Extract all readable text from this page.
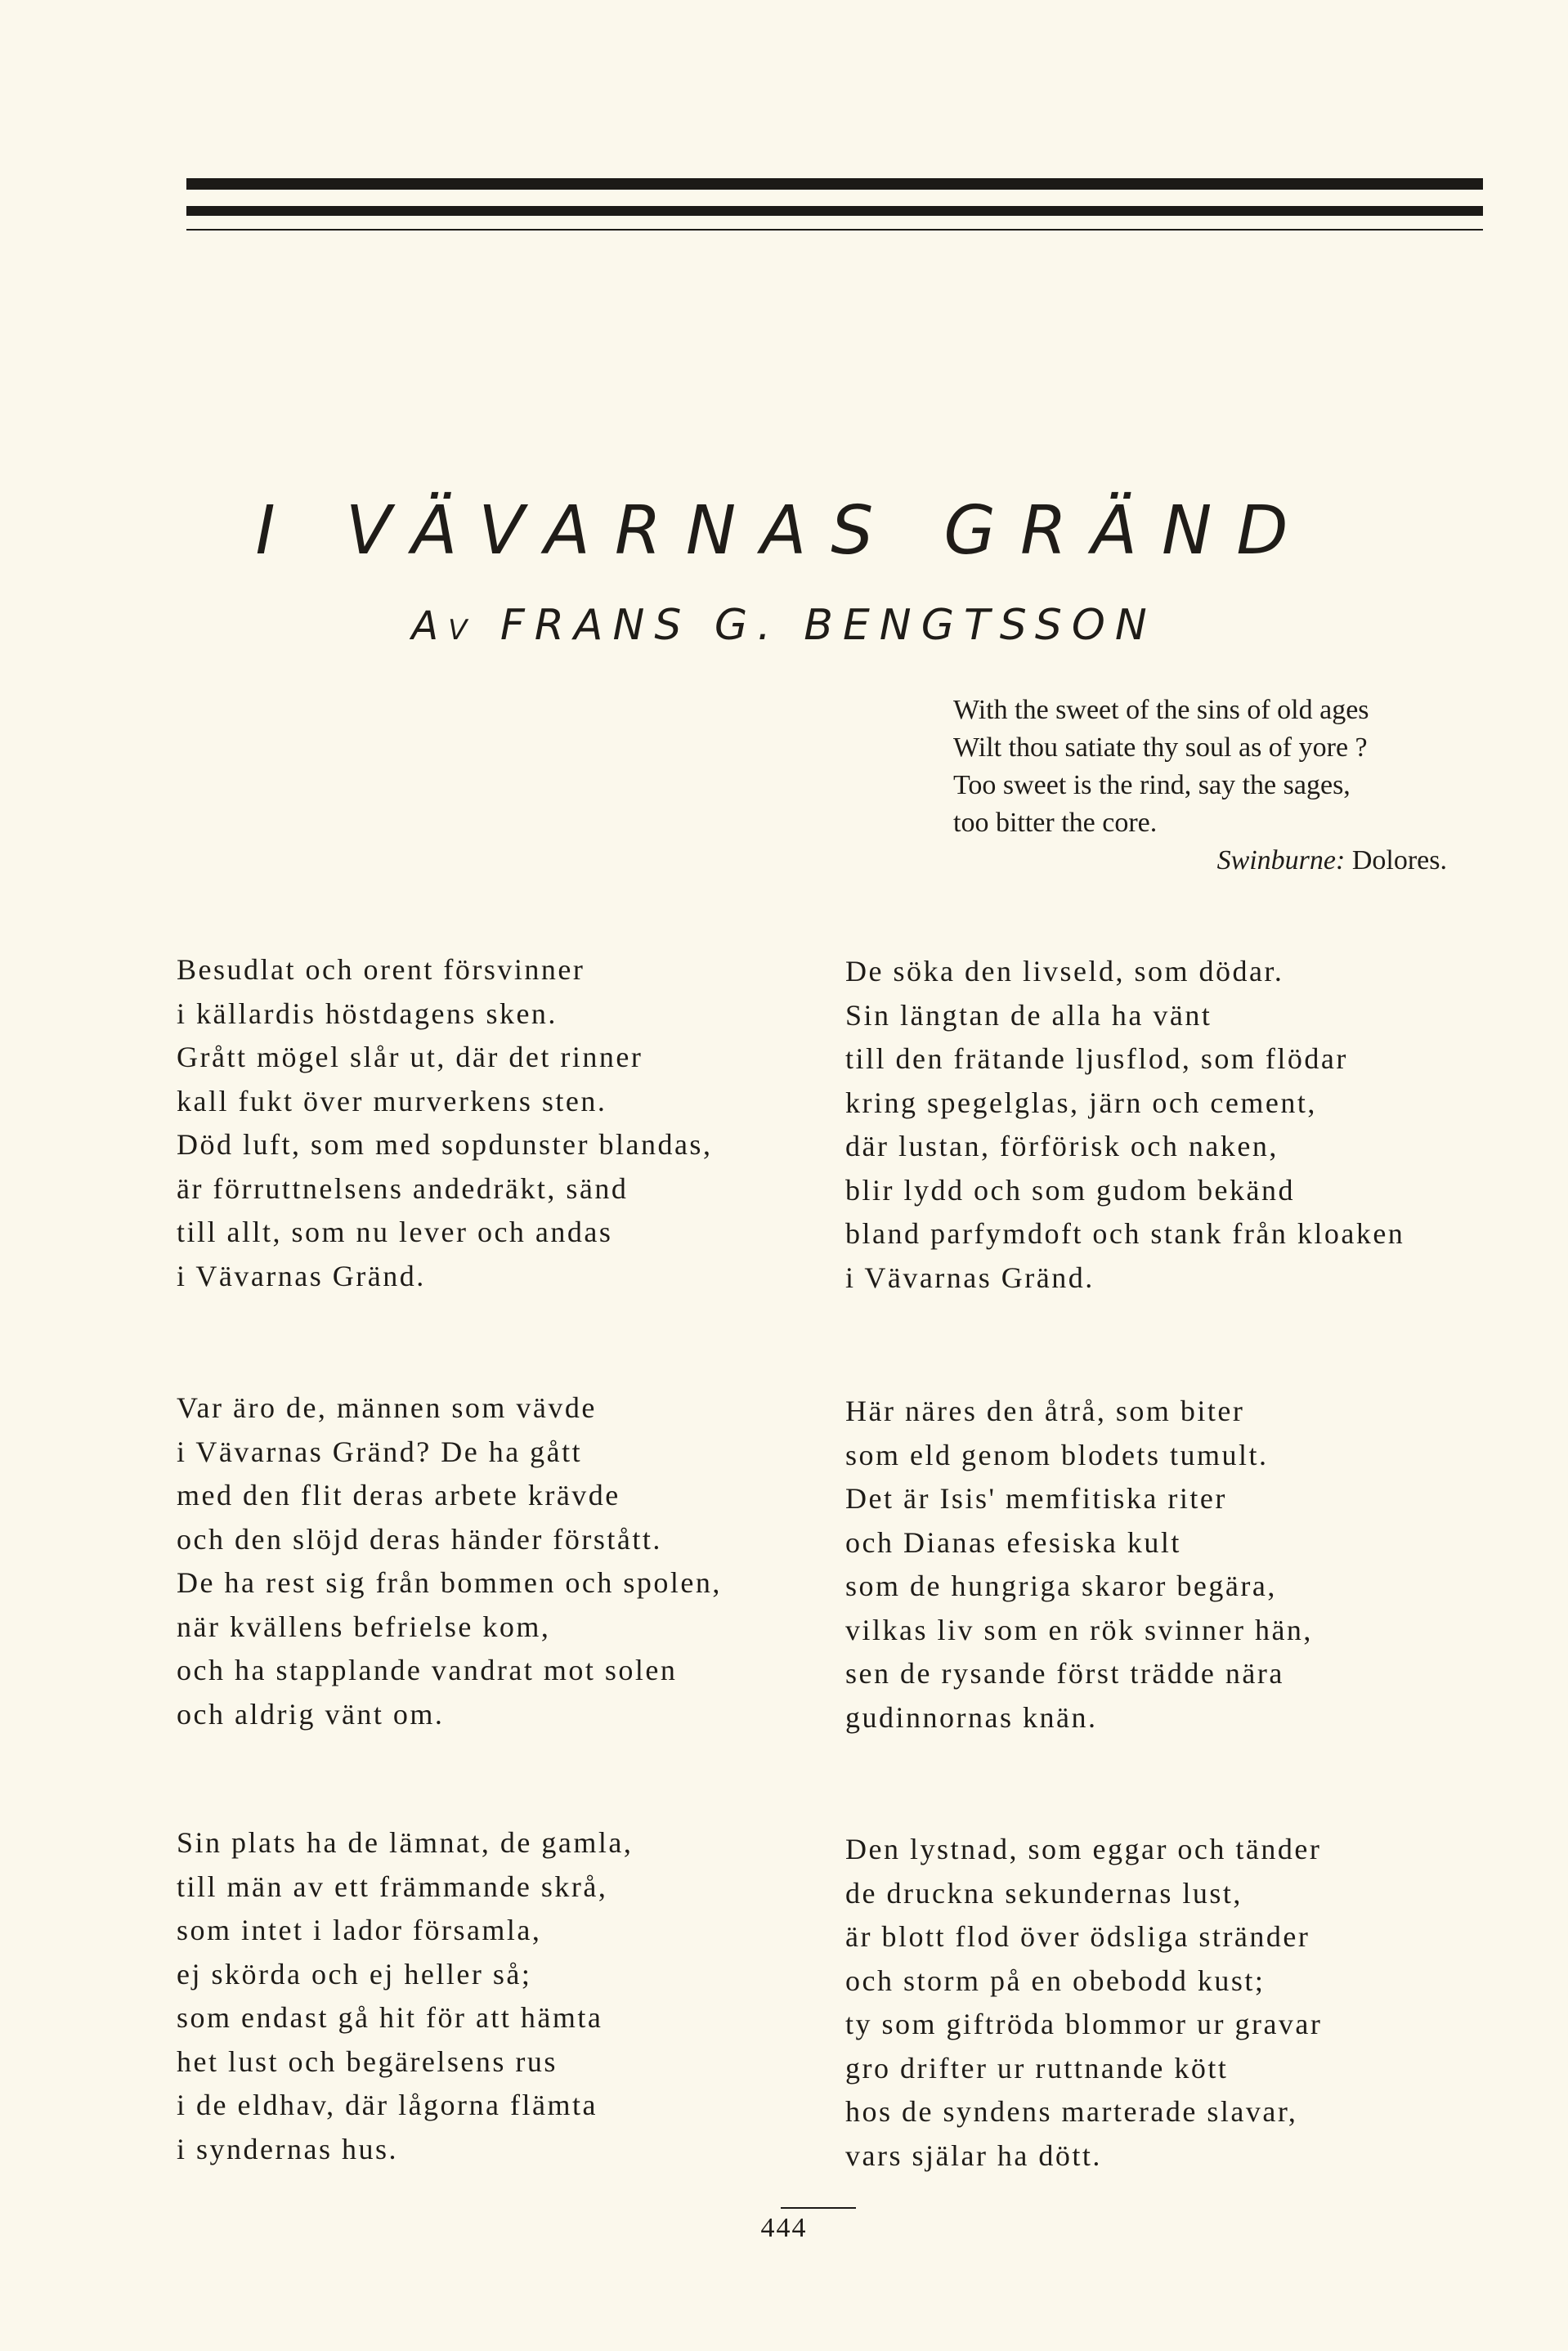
I VÄVARNAS GRÄND
AV FRANS G. BENGTSSON
With the sweet of the sins of old ages
Wilt thou satiate thy soul as of yore ?
Too sweet is the rind, say the sages,
too bitter the core.
Swinburne: Dolores.
Besudlat och orent försvinner
i källardis höstdagens sken.
Grått mögel slår ut, där det rinner
kall fukt över murverkens sten.
Död luft, som med sopdunster blandas,
är förruttnelsens andedräkt, sänd
till allt, som nu lever och andas
i Vävarnas Gränd.
De söka den livseld, som dödar.
Sin längtan de alla ha vänt
till den frätande ljusflod, som flödar
kring spegelglas, järn och cement,
där lustan, förförisk och naken,
blir lydd och som gudom bekänd
bland parfymdoft och stank från kloaken
i Vävarnas Gränd.
Var äro de, männen som vävde
i Vävarnas Gränd? De ha gått
med den flit deras arbete krävde
och den slöjd deras händer förstått.
De ha rest sig från bommen och spolen,
när kvällens befrielse kom,
och ha stapplande vandrat mot solen
och aldrig vänt om.
Här näres den åtrå, som biter
som eld genom blodets tumult.
Det är Isis' memfitiska riter
och Dianas efesiska kult
som de hungriga skaror begära,
vilkas liv som en rök svinner hän,
sen de rysande först trädde nära
gudinnornas knän.
Sin plats ha de lämnat, de gamla,
till män av ett främmande skrå,
som intet i lador församla,
ej skörda och ej heller så;
som endast gå hit för att hämta
het lust och begärelsens rus
i de eldhav, där lågorna flämta
i syndernas hus.
Den lystnad, som eggar och tänder
de druckna sekundernas lust,
är blott flod över ödsliga stränder
och storm på en obebodd kust;
ty som giftröda blommor ur gravar
gro drifter ur ruttnande kött
hos de syndens marterade slavar,
vars själar ha dött.
444
